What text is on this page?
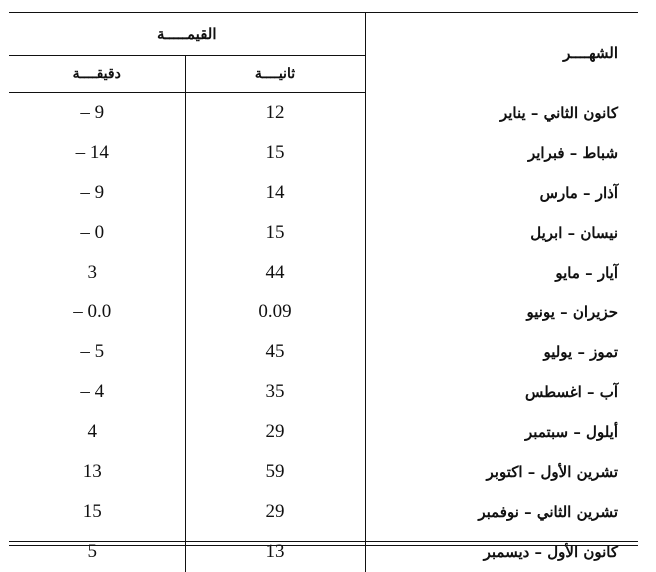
القيمـــــة		الشهــــر
دقيقــــة	ثانيــــة	
– 9	12	كانون الثاني – يناير
– 14	15	شباط – فبراير
– 9	14	آذار – مارس
– 0	15	نيسان – ابريل
3	44	آيار – مايو
– 0.0	0.09	حزيران – يونيو
– 5	45	تموز – يوليو
– 4	35	آب – اغسطس
4	29	أيلول – سبتمبر
13	59	تشرين الأول – اكتوبر
15	29	تشرين الثاني – نوفمبر
5	13	كانون الأول – ديسمبر
